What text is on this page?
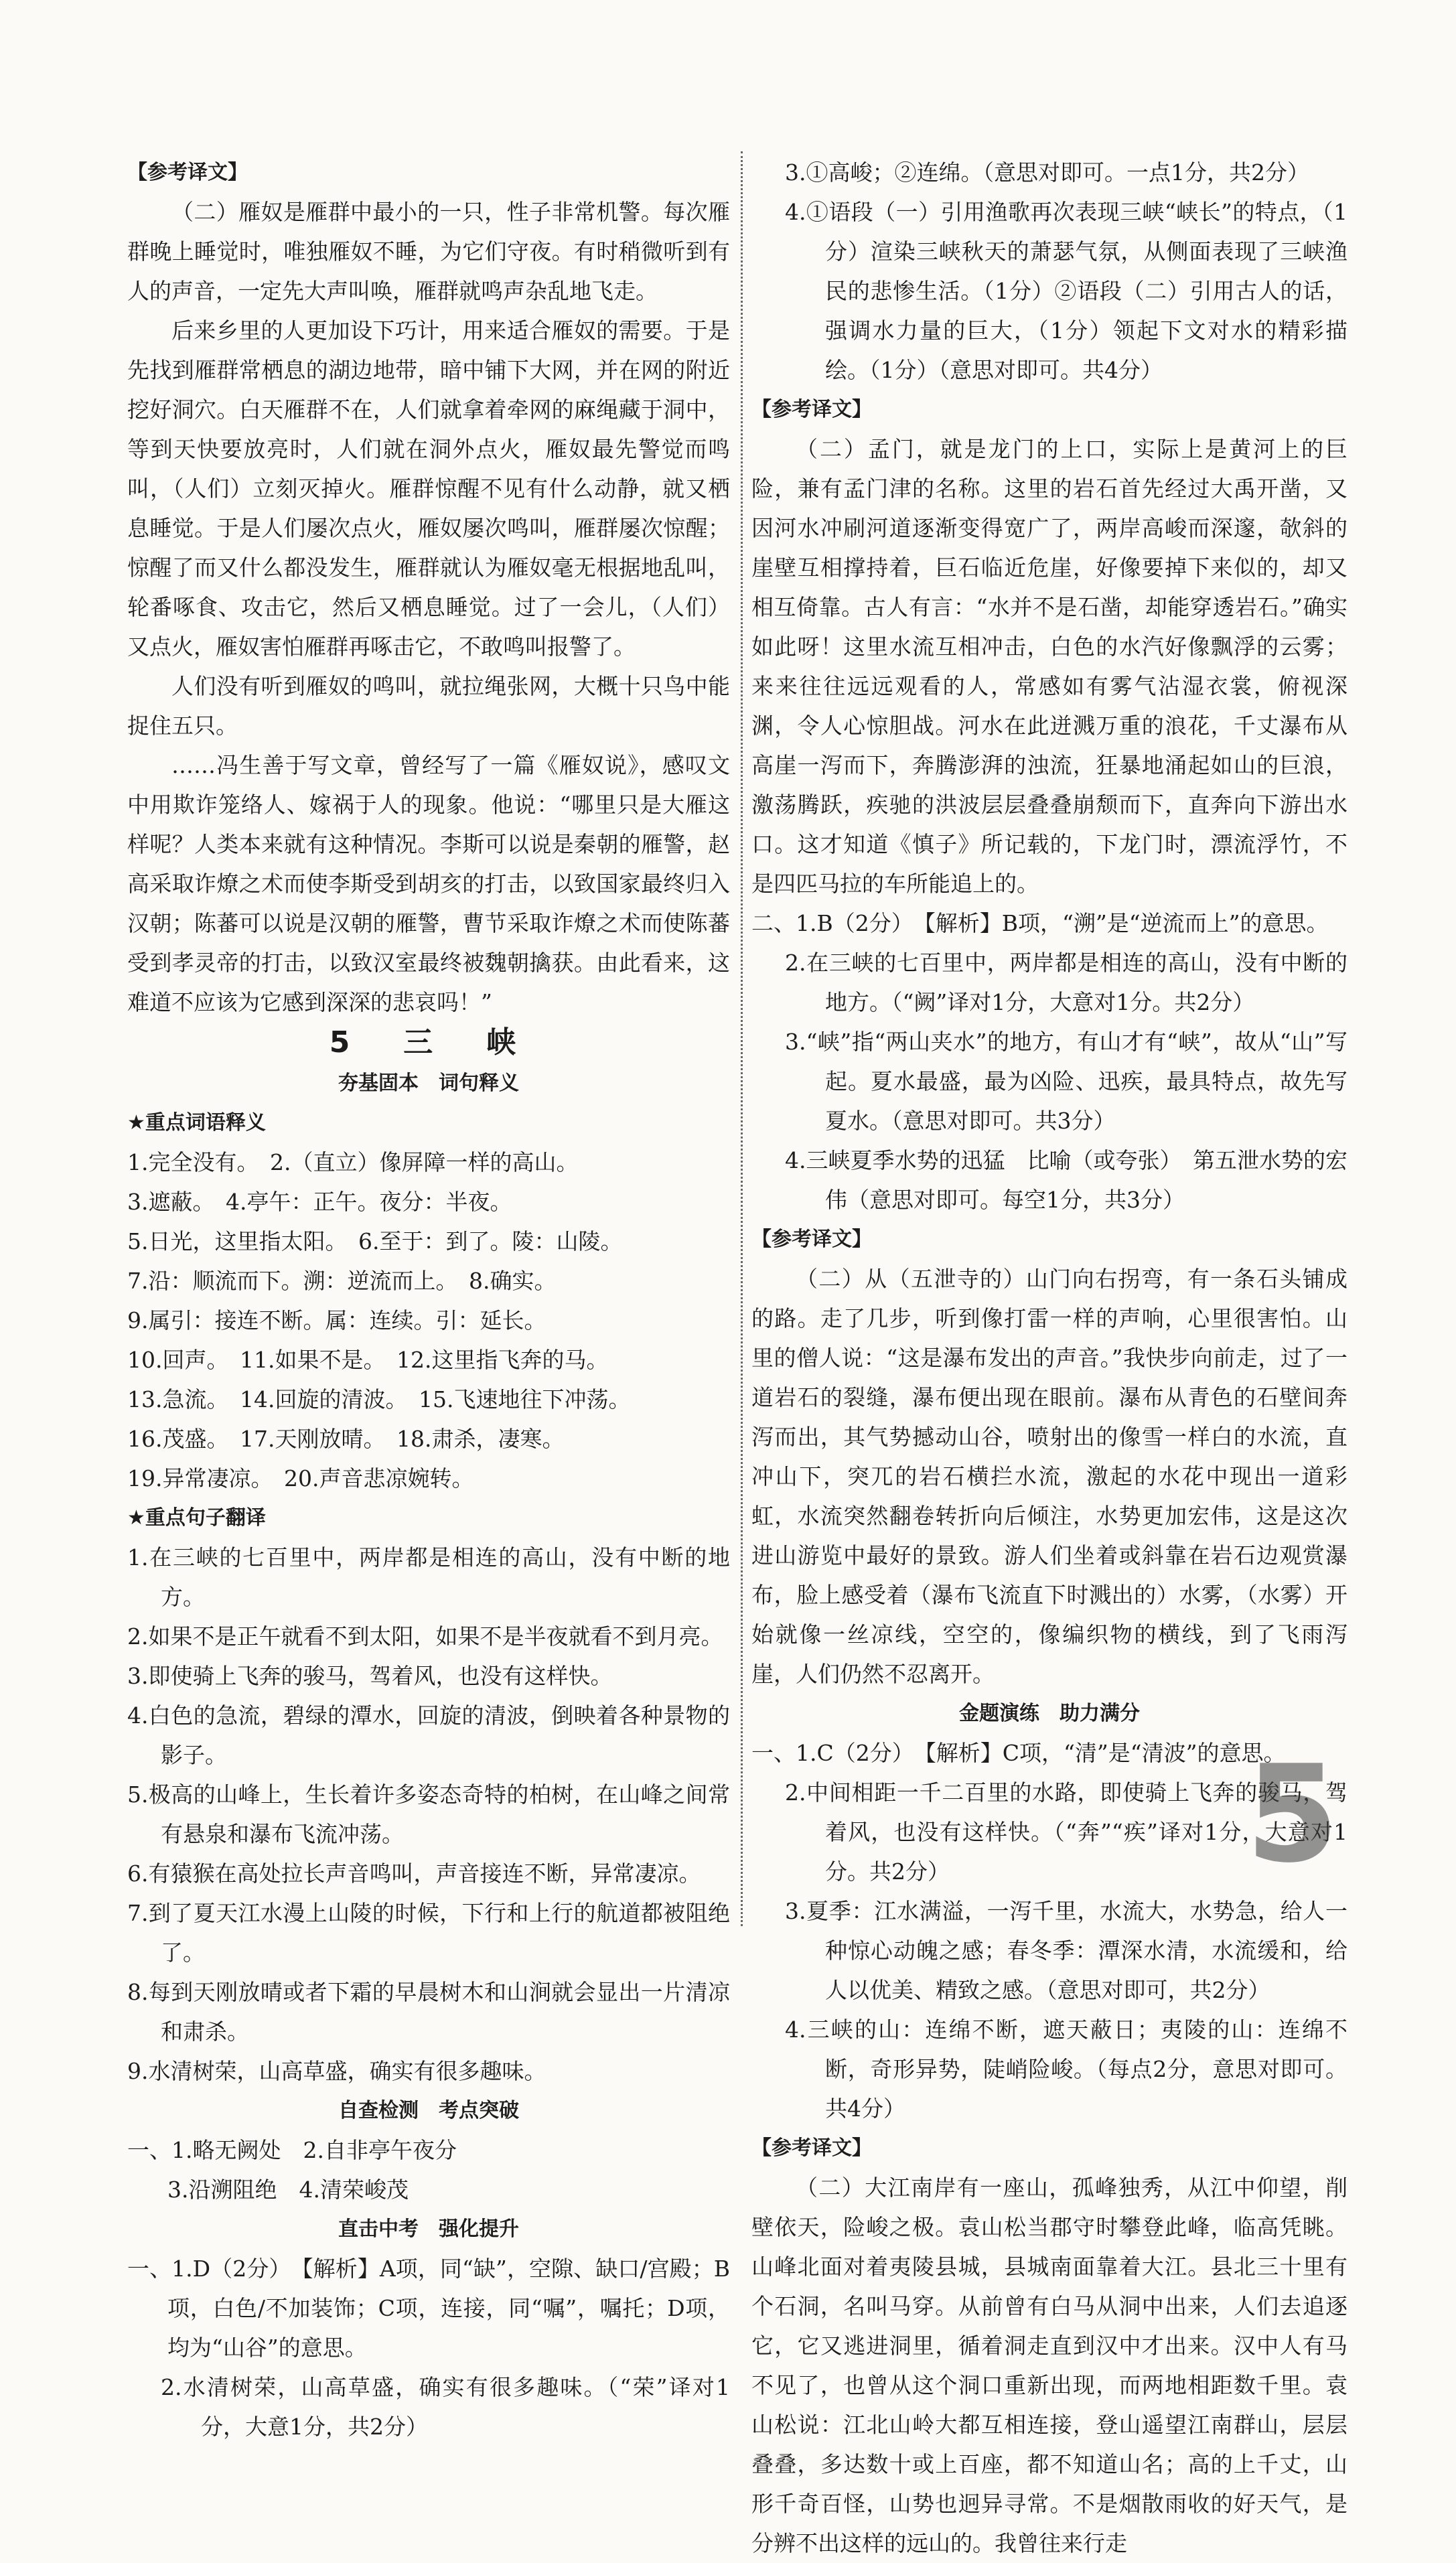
【参考译文】

（二）雁奴是雁群中最小的一只，性子非常机警。每次雁群晚上睡觉时，唯独雁奴不睡，为它们守夜。有时稍微听到有人的声音，一定先大声叫唤，雁群就鸣声杂乱地飞走。

后来乡里的人更加设下巧计，用来适合雁奴的需要。于是先找到雁群常栖息的湖边地带，暗中铺下大网，并在网的附近挖好洞穴。白天雁群不在，人们就拿着牵网的麻绳藏于洞中，等到天快要放亮时，人们就在洞外点火，雁奴最先警觉而鸣叫，（人们）立刻灭掉火。雁群惊醒不见有什么动静，就又栖息睡觉。于是人们屡次点火，雁奴屡次鸣叫，雁群屡次惊醒；惊醒了而又什么都没发生，雁群就认为雁奴毫无根据地乱叫，轮番啄食、攻击它，然后又栖息睡觉。过了一会儿，（人们）又点火，雁奴害怕雁群再啄击它，不敢鸣叫报警了。

人们没有听到雁奴的鸣叫，就拉绳张网，大概十只鸟中能捉住五只。

……冯生善于写文章，曾经写了一篇《雁奴说》，感叹文中用欺诈笼络人、嫁祸于人的现象。他说：“哪里只是大雁这样呢？人类本来就有这种情况。李斯可以说是秦朝的雁警，赵高采取诈燎之术而使李斯受到胡亥的打击，以致国家最终归入汉朝；陈蕃可以说是汉朝的雁警，曹节采取诈燎之术而使陈蕃受到孝灵帝的打击，以致汉室最终被魏朝擒获。由此看来，这难道不应该为它感到深深的悲哀吗！”

5　三　峡

夯基固本　词句释义

★重点词语释义

1.完全没有。　2.（直立）像屏障一样的高山。

3.遮蔽。　4.亭午：正午。夜分：半夜。

5.日光，这里指太阳。　6.至于：到了。陵：山陵。

7.沿：顺流而下。溯：逆流而上。　8.确实。

9.属引：接连不断。属：连续。引：延长。

10.回声。　11.如果不是。　12.这里指飞奔的马。

13.急流。　14.回旋的清波。　15.飞速地往下冲荡。

16.茂盛。　17.天刚放晴。　18.肃杀，凄寒。

19.异常凄凉。　20.声音悲凉婉转。

★重点句子翻译

1.在三峡的七百里中，两岸都是相连的高山，没有中断的地方。

2.如果不是正午就看不到太阳，如果不是半夜就看不到月亮。

3.即使骑上飞奔的骏马，驾着风，也没有这样快。

4.白色的急流，碧绿的潭水，回旋的清波，倒映着各种景物的影子。

5.极高的山峰上，生长着许多姿态奇特的柏树，在山峰之间常有悬泉和瀑布飞流冲荡。

6.有猿猴在高处拉长声音鸣叫，声音接连不断，异常凄凉。

7.到了夏天江水漫上山陵的时候，下行和上行的航道都被阻绝了。

8.每到天刚放晴或者下霜的早晨树木和山涧就会显出一片清凉和肃杀。

9.水清树荣，山高草盛，确实有很多趣味。

自查检测　考点突破

一、1.略无阙处　2.自非亭午夜分

3.沿溯阻绝　4.清荣峻茂

直击中考　强化提升

一、1.D（2分）　【解析】A项，同“缺”，空隙、缺口/宫殿；B项，白色/不加装饰；C项，连接，同“嘱”，嘱托；D项，均为“山谷”的意思。

2.水清树荣，山高草盛，确实有很多趣味。（“荣”译对1分，大意1分，共2分）

3.①高峻；②连绵。（意思对即可。一点1分，共2分）

4.①语段（一）引用渔歌再次表现三峡“峡长”的特点，（1分）渲染三峡秋天的萧瑟气氛，从侧面表现了三峡渔民的悲惨生活。（1分）②语段（二）引用古人的话，强调水力量的巨大，（1分）领起下文对水的精彩描绘。（1分）（意思对即可。共4分）

【参考译文】

（二）孟门，就是龙门的上口，实际上是黄河上的巨险，兼有孟门津的名称。这里的岩石首先经过大禹开凿，又因河水冲刷河道逐渐变得宽广了，两岸高峻而深邃，欹斜的崖壁互相撑持着，巨石临近危崖，好像要掉下来似的，却又相互倚靠。古人有言：“水并不是石凿，却能穿透岩石。”确实如此呀！这里水流互相冲击，白色的水汽好像飘浮的云雾；来来往往远远观看的人，常感如有雾气沾湿衣裳，俯视深渊，令人心惊胆战。河水在此迸溅万重的浪花，千丈瀑布从高崖一泻而下，奔腾澎湃的浊流，狂暴地涌起如山的巨浪，激荡腾跃，疾驰的洪波层层叠叠崩颓而下，直奔向下游出水口。这才知道《慎子》所记载的，下龙门时，漂流浮竹，不是四匹马拉的车所能追上的。

二、1.B（2分）　【解析】B项，“溯”是“逆流而上”的意思。

2.在三峡的七百里中，两岸都是相连的高山，没有中断的地方。（“阙”译对1分，大意对1分。共2分）

3.“峡”指“两山夹水”的地方，有山才有“峡”，故从“山”写起。夏水最盛，最为凶险、迅疾，最具特点，故先写夏水。（意思对即可。共3分）

4.三峡夏季水势的迅猛　比喻（或夸张）　第五泄水势的宏伟（意思对即可。每空1分，共3分）

【参考译文】

（二）从（五泄寺的）山门向右拐弯，有一条石头铺成的路。走了几步，听到像打雷一样的声响，心里很害怕。山里的僧人说：“这是瀑布发出的声音。”我快步向前走，过了一道岩石的裂缝，瀑布便出现在眼前。瀑布从青色的石壁间奔泻而出，其气势撼动山谷，喷射出的像雪一样白的水流，直冲山下，突兀的岩石横拦水流，激起的水花中现出一道彩虹，水流突然翻卷转折向后倾注，水势更加宏伟，这是这次进山游览中最好的景致。游人们坐着或斜靠在岩石边观赏瀑布，脸上感受着（瀑布飞流直下时溅出的）水雾，（水雾）开始就像一丝凉线，空空的，像编织物的横线，到了飞雨泻崖，人们仍然不忍离开。

金题演练　助力满分

一、1.C（2分）　【解析】C项，“清”是“清波”的意思。

2.中间相距一千二百里的水路，即使骑上飞奔的骏马，驾着风，也没有这样快。（“奔”“疾”译对1分，大意对1分。共2分）

3.夏季：江水满溢，一泻千里，水流大，水势急，给人一种惊心动魄之感；春冬季：潭深水清，水流缓和，给人以优美、精致之感。（意思对即可，共2分）

4.三峡的山：连绵不断，遮天蔽日；夷陵的山：连绵不断，奇形异势，陡峭险峻。（每点2分，意思对即可。共4分）

【参考译文】

（二）大江南岸有一座山，孤峰独秀，从江中仰望，削壁依天，险峻之极。袁山松当郡守时攀登此峰，临高凭眺。山峰北面对着夷陵县城，县城南面靠着大江。县北三十里有个石洞，名叫马穿。从前曾有白马从洞中出来，人们去追逐它，它又逃进洞里，循着洞走直到汉中才出来。汉中人有马不见了，也曾从这个洞口重新出现，而两地相距数千里。袁山松说：江北山岭大都互相连接，登山遥望江南群山，层层叠叠，多达数十或上百座，都不知道山名；高的上千丈，山形千奇百怪，山势也迥异寻常。不是烟散雨收的好天气，是分辨不出这样的远山的。我曾往来行走

5
